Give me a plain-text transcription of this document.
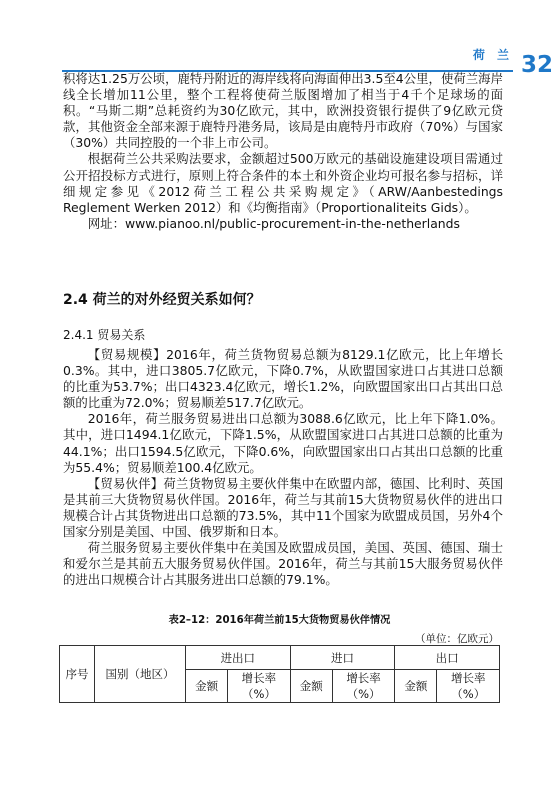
荷 兰 32

积将达1.25万公顷，鹿特丹附近的海岸线将向海面伸出3.5至4公里，使荷兰海岸线全长增加11公里，整个工程将使荷兰版图增加了相当于4千个足球场的面积。“马斯二期”总耗资约为30亿欧元，其中，欧洲投资银行提供了9亿欧元贷款，其他资金全部来源于鹿特丹港务局，该局是由鹿特丹市政府（70%）与国家（30%）共同控股的一个非上市公司。

根据荷兰公共采购法要求，金额超过500万欧元的基础设施建设项目需通过公开招投标方式进行，原则上符合条件的本土和外资企业均可报名参与招标，详细规定参见《2012荷兰工程公共采购规定》（ARW/Aanbestedings Reglement Werken 2012）和《均衡指南》（Proportionaliteits Gids）。

网址：www.pianoo.nl/public-procurement-in-the-netherlands

2.4 荷兰的对外经贸关系如何？
2.4.1 贸易关系

【贸易规模】2016年，荷兰货物贸易总额为8129.1亿欧元，比上年增长0.3%。其中，进口3805.7亿欧元，下降0.7%，从欧盟国家进口占其进口总额的比重为53.7%；出口4323.4亿欧元，增长1.2%，向欧盟国家出口占其出口总额的比重为72.0%；贸易顺差517.7亿欧元。

2016年，荷兰服务贸易进出口总额为3088.6亿欧元，比上年下降1.0%。其中，进口1494.1亿欧元，下降1.5%，从欧盟国家进口占其进口总额的比重为44.1%；出口1594.5亿欧元，下降0.6%，向欧盟国家出口占其出口总额的比重为55.4%；贸易顺差100.4亿欧元。

【贸易伙伴】荷兰货物贸易主要伙伴集中在欧盟内部，德国、比利时、英国是其前三大货物贸易伙伴国。2016年，荷兰与其前15大货物贸易伙伴的进出口规模合计占其货物进出口总额的73.5%，其中11个国家为欧盟成员国，另外4个国家分别是美国、中国、俄罗斯和日本。

荷兰服务贸易主要伙伴集中在美国及欧盟成员国，美国、英国、德国、瑞士和爱尔兰是其前五大服务贸易伙伴国。2016年，荷兰与其前15大服务贸易伙伴的进出口规模合计占其服务进出口总额的79.1%。

表2–12：2016年荷兰前15大货物贸易伙伴情况
（单位：亿欧元）
序号	国别（地区）	进出口		进口		出口	
		金额	增长率
（%）	金额	增长率
（%）	金额	增长率
（%）
